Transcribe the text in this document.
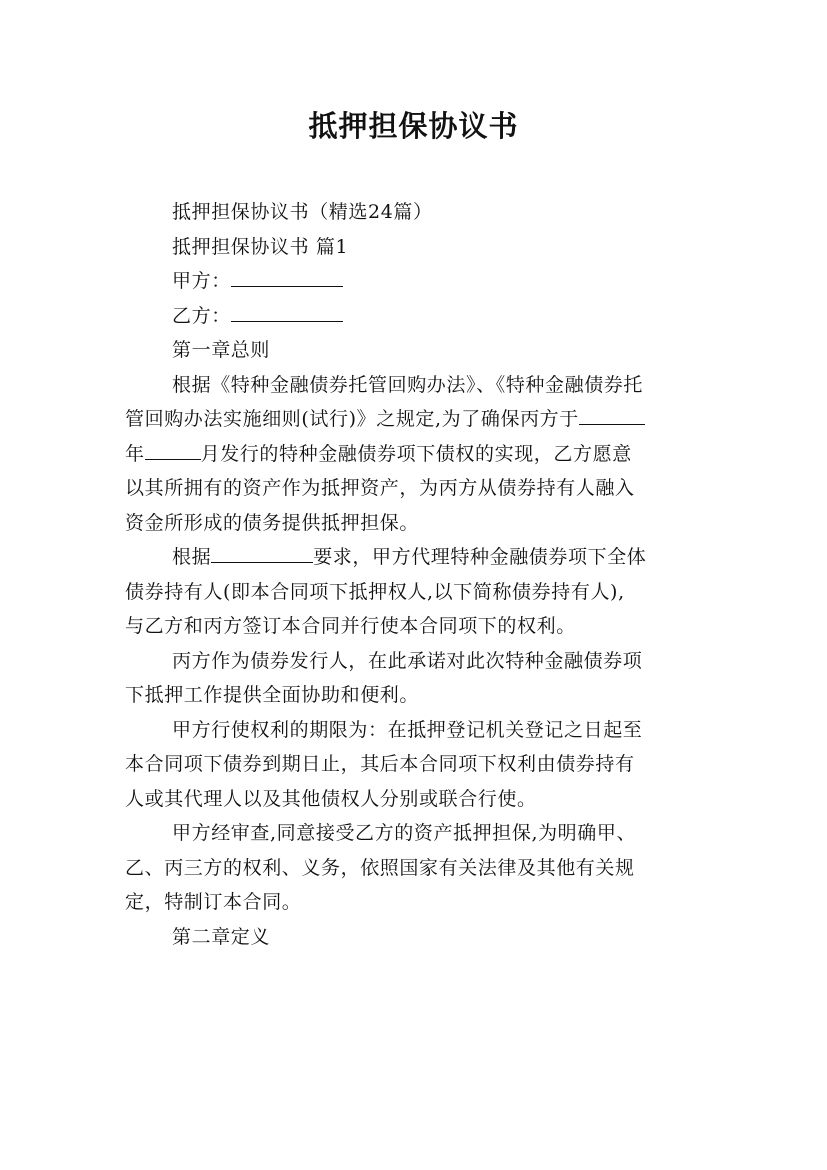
抵押担保协议书

抵押担保协议书（精选24篇）

抵押担保协议书 篇1

甲方：

乙方：

第一章总则

根据《特种金融债券托管回购办法》、《特种金融债券托

管回购办法实施细则(试行)》之规定,为了确保丙方于

年	月发行的特种金融债券项下债权的实现，乙方愿意

以其所拥有的资产作为抵押资产，为丙方从债券持有人融入

资金所形成的债务提供抵押担保。

根据	要求，甲方代理特种金融债券项下全体

债券持有人(即本合同项下抵押权人,以下简称债券持有人),

与乙方和丙方签订本合同并行使本合同项下的权利。

丙方作为债券发行人，在此承诺对此次特种金融债券项

下抵押工作提供全面协助和便利。

甲方行使权利的期限为：在抵押登记机关登记之日起至

本合同项下债券到期日止，其后本合同项下权利由债券持有

人或其代理人以及其他债权人分别或联合行使。

甲方经审查,同意接受乙方的资产抵押担保,为明确甲、

乙、丙三方的权利、义务，依照国家有关法律及其他有关规

定，特制订本合同。

第二章定义
